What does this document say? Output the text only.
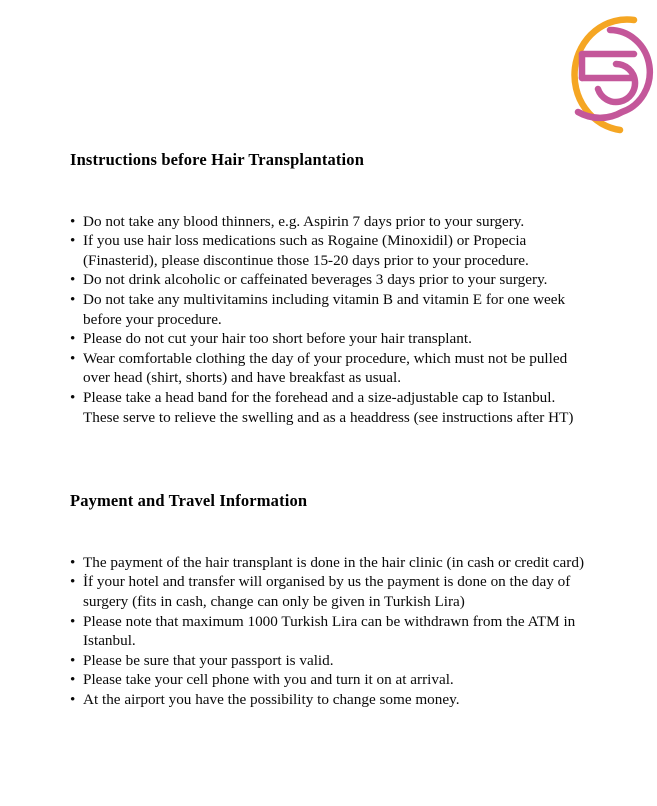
Instructions before Hair Transplantation
• Do not take any blood thinners, e.g. Aspirin 7 days prior to your surgery.
• If you use hair loss medications such as Rogaine (Minoxidil) or Propecia (Finasterid), please discontinue those 15-20 days prior to your procedure.
• Do not drink alcoholic or caffeinated beverages 3 days prior to your surgery.
• Do not take any multivitamins including vitamin B and vitamin E for one week before your procedure.
• Please do not cut your hair too short before your hair transplant.
• Wear comfortable clothing the day of your procedure, which must not be pulled over head (shirt, shorts) and have breakfast as usual.
• Please take a head band for the forehead and a size-adjustable cap to Istanbul. These serve to relieve the swelling and as a headdress (see instructions after HT)
Payment and Travel Information
• The payment of the hair transplant is done in the hair clinic (in cash or credit card)
• İf your hotel and transfer will organised by us the payment is done on the day of surgery (fits in cash, change can only be given in Turkish Lira)
• Please note that maximum 1000 Turkish Lira can be withdrawn from the ATM in Istanbul.
• Please be sure that your passport is valid.
• Please take your cell phone with you and turn it on at arrival.
• At the airport you have the possibility to change some money.
